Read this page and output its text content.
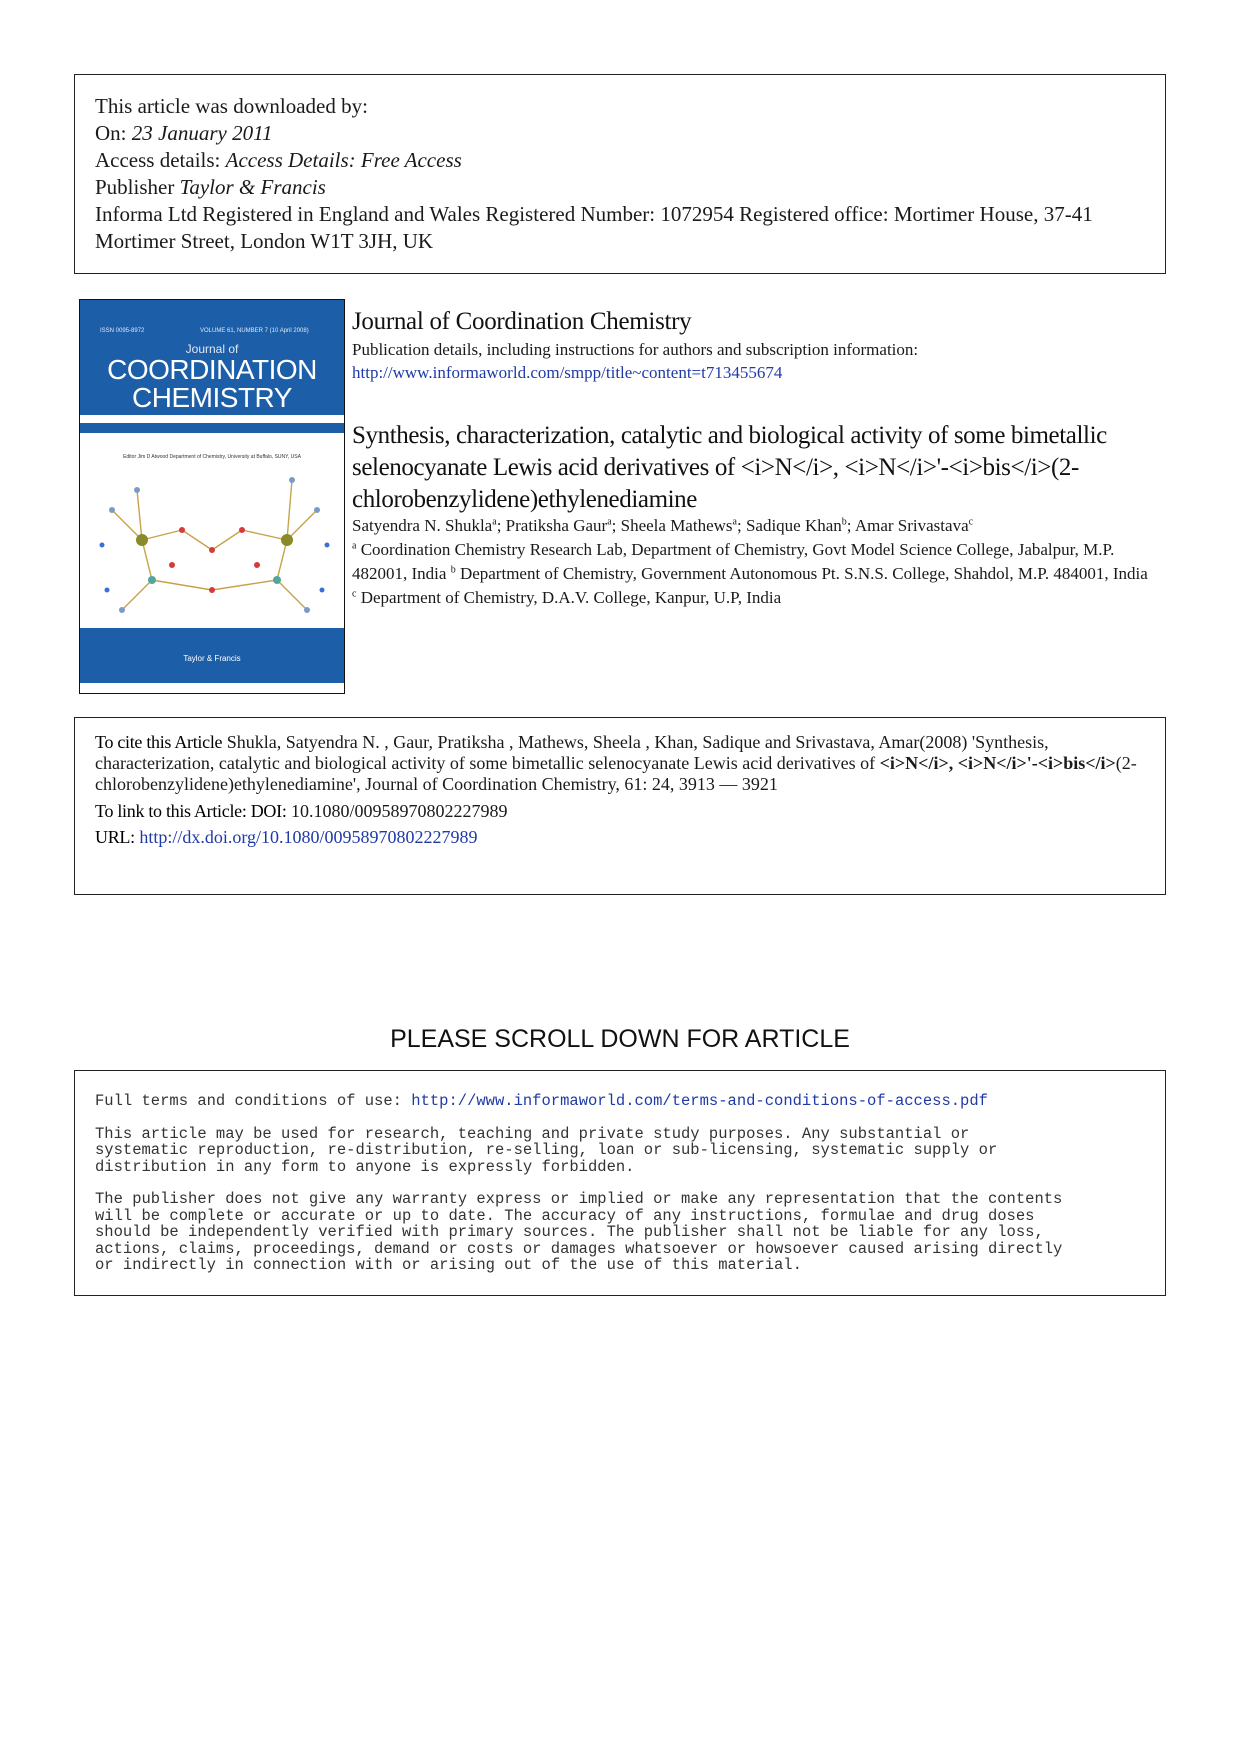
This article was downloaded by:
On: 23 January 2011
Access details: Access Details: Free Access
Publisher Taylor & Francis
Informa Ltd Registered in England and Wales Registered Number: 1072954 Registered office: Mortimer House, 37-41 Mortimer Street, London W1T 3JH, UK
ISSN 0095-8972	VOLUME 61, NUMBER 7 (10 April 2008)
Journal of
COORDINATION
CHEMISTRY
Editor Jim D Atwood Department of Chemistry, University at Buffalo, SUNY, USA
Taylor & Francis
Journal of Coordination Chemistry
Publication details, including instructions for authors and subscription information:
http://www.informaworld.com/smpp/title~content=t713455674
Synthesis, characterization, catalytic and biological activity of some bimetallic selenocyanate Lewis acid derivatives of <i>N</i>, <i>N</i>'-<i>bis</i>(2-chlorobenzylidene)ethylenediamine
Satyendra N. Shukla$^a$; Pratiksha Gaur$^a$; Sheela Mathews$^a$; Sadique Khan$^b$; Amar Srivastava$^c$
$^a$ Coordination Chemistry Research Lab, Department of Chemistry, Govt Model Science College, Jabalpur, M.P. 482001, India $^b$ Department of Chemistry, Government Autonomous Pt. S.N.S. College, Shahdol, M.P. 484001, India $^c$ Department of Chemistry, D.A.V. College, Kanpur, U.P, India
To cite this Article Shukla, Satyendra N. , Gaur, Pratiksha , Mathews, Sheela , Khan, Sadique and Srivastava, Amar(2008) 'Synthesis, characterization, catalytic and biological activity of some bimetallic selenocyanate Lewis acid derivatives of <i>N</i>, <i>N</i>'-<i>bis</i>(2-chlorobenzylidene)ethylenediamine', Journal of Coordination Chemistry, 61: 24, 3913 — 3921
To link to this Article: DOI: 10.1080/00958970802227989
URL: http://dx.doi.org/10.1080/00958970802227989
PLEASE SCROLL DOWN FOR ARTICLE

Full terms and conditions of use: http://www.informaworld.com/terms-and-conditions-of-access.pdf

This article may be used for research, teaching and private study purposes. Any substantial or
systematic reproduction, re-distribution, re-selling, loan or sub-licensing, systematic supply or
distribution in any form to anyone is expressly forbidden.

The publisher does not give any warranty express or implied or make any representation that the contents
will be complete or accurate or up to date. The accuracy of any instructions, formulae and drug doses
should be independently verified with primary sources. The publisher shall not be liable for any loss,
actions, claims, proceedings, demand or costs or damages whatsoever or howsoever caused arising directly
or indirectly in connection with or arising out of the use of this material.
